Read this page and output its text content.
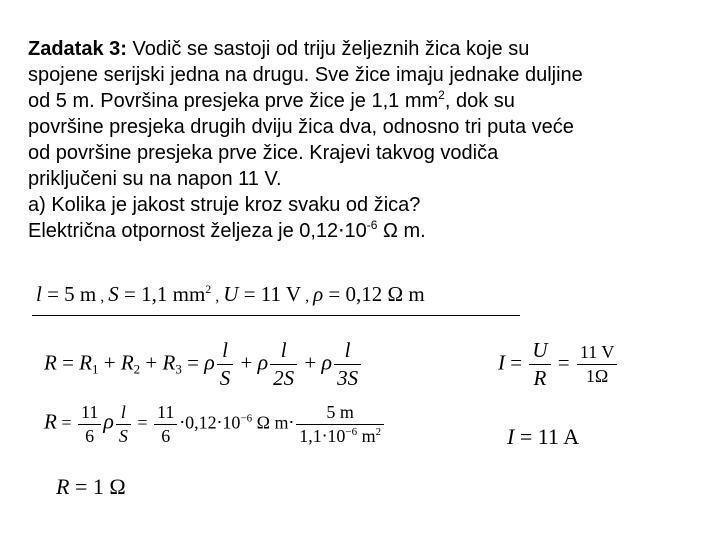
Zadatak 3: Vodič se sastoji od triju željeznih žica koje su
spojene serijski jedna na drugu. Sve žice imaju jednake duljine
od 5 m. Površina presjeka prve žice je 1,1 $mm^2$, dok su
površine presjeka drugih dviju žica dva, odnosno tri puta veće
od površine presjeka prve žice. Krajevi takvog vodiča
priključeni su na napon 11 V.
a) Kolika je jakost struje kroz svaku od žica?
Električna otpornost željeza je $0,12\cdot 10^{-6}$ Ω m.
l = 5 m , S = 1,1 $mm^2$ , U = 11 V , ρ = 0,12 Ω m
$R = R_1 + R_2 + R_3 = \rho \frac{l}{S} + \rho \frac{l}{2S} + \rho \frac{l}{3S}$	$I = \frac{U}{R} = \frac{11 V}{1\Omega}$
$R = \frac{11}{6}$ ρ $\frac{l}{S} = \frac{11}{6} \cdot 0,12\cdot 10^{-6}$ Ω $m\cdot \frac{5 m}{1,1\cdot 10^{-6} m^2}$	I = 11 A
R = 1 Ω
